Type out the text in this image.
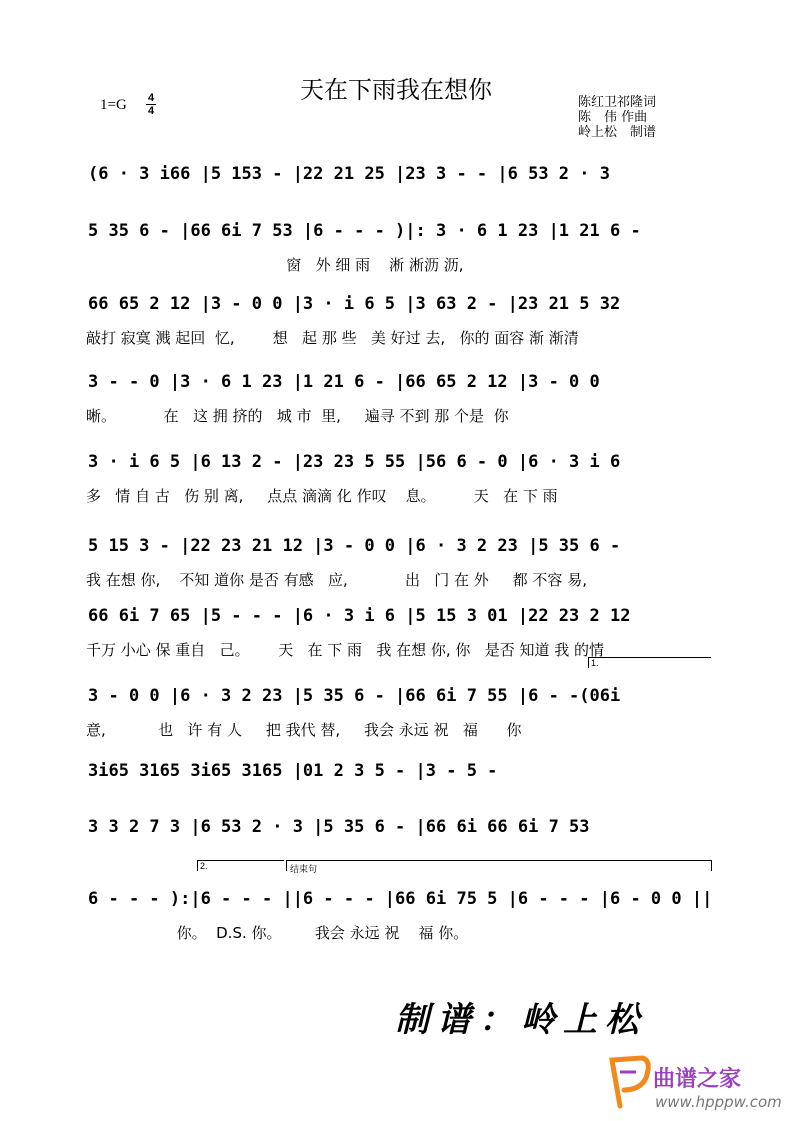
天在下雨我在想你
1=G 4
4
陈红卫祁隆词
陈　伟 作曲
岭上松　制谱
(6 · 3 i66 |5 153 - |22 21 25 |23 3 - - |6 53 2 · 3
5 35 6 - |66 6i 7 53 |6 - - - )|: 3 · 6 1 23 |1 21 6 -
窗   外 细 雨    淅 淅沥 沥,
66 65 2 12 |3 - 0 0 |3 · i 6 5 |3 63 2 - |23 21 5 32
敲打 寂寞 溅 起回  忆,        想   起 那 些   美 好过 去,   你的 面容 渐 渐清
3 - - 0 |3 · 6 1 23 |1 21 6 - |66 65 2 12 |3 - 0 0
晰。          在   这 拥 挤的   城 市  里,     遍寻 不到 那 个是  你
3 · i 6 5 |6 13 2 - |23 23 5 55 |56 6 - 0 |6 · 3 i 6
多   情 自 古   伤 别 离,     点点 滴滴 化 作叹    息。        天   在 下 雨
5 15 3 - |22 23 21 12 |3 - 0 0 |6 · 3 2 23 |5 35 6 -
我 在想 你,    不知 道你 是否 有感   应,            出   门 在 外     都 不容 易,
66 6i 7 65 |5 - - - |6 · 3 i 6 |5 15 3 01 |22 23 2 12
千万 小心 保 重自   己。      天   在 下 雨   我 在想 你, 你   是否 知道 我 的情
3 - 0 0 |6 · 3 2 23 |5 35 6 - |66 6i 7 55 |6 - -(06i
意,           也   许 有 人     把 我代 替,     我会 永远 祝   福      你
3i65 3165 3i65 3165 |01 2 3 5 - |3 - 5 -
3 3 2 7 3 |6 53 2 · 3 |5 35 6 - |66 6i 66 6i 7 53
6 - - - ):|6 - - - ||6 - - - |66 6i 75 5 |6 - - - |6 - 0 0 ||
你。  D.S. 你。       我会 永远 祝    福 你。
1.
2.	结束句
制谱：岭上松
曲谱之家
www.hpppw.com
